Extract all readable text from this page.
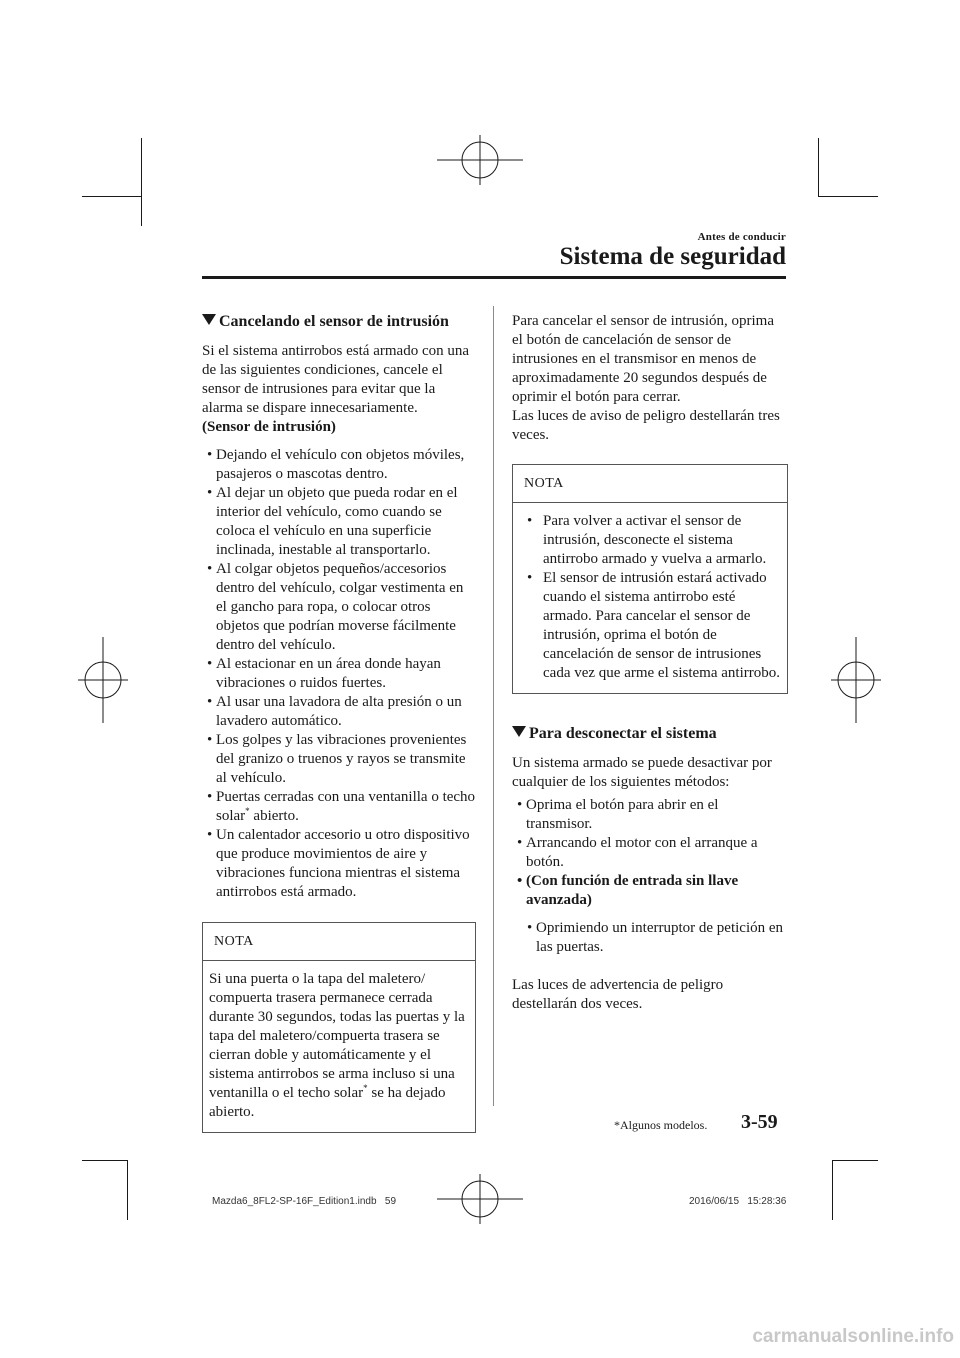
Antes de conducir
Sistema de seguridad
Cancelando el sensor de intrusión

Si el sistema antirrobos está armado con una de las siguientes condiciones, cancele el sensor de intrusiones para evitar que la alarma se dispare innecesariamente.

(Sensor de intrusión)

• Dejando el vehículo con objetos móviles, pasajeros o mascotas dentro.
• Al dejar un objeto que pueda rodar en el interior del vehículo, como cuando se coloca el vehículo en una superficie inclinada, inestable al transportarlo.
• Al colgar objetos pequeños/accesorios dentro del vehículo, colgar vestimenta en el gancho para ropa, o colocar otros objetos que podrían moverse fácilmente dentro del vehículo.
• Al estacionar en un área donde hayan vibraciones o ruidos fuertes.
• Al usar una lavadora de alta presión o un lavadero automático.
• Los golpes y las vibraciones provenientes del granizo o truenos y rayos se transmite al vehículo.
• Puertas cerradas con una ventanilla o techo solar* abierto.
• Un calentador accesorio u otro dispositivo que produce movimientos de aire y vibraciones funciona mientras el sistema antirrobos está armado.
NOTA
Si una puerta o la tapa del maletero/ compuerta trasera permanece cerrada durante 30 segundos, todas las puertas y la tapa del maletero/compuerta trasera se cierran doble y automáticamente y el sistema antirrobos se arma incluso si una ventanilla o el techo solar* se ha dejado abierto.

Para cancelar el sensor de intrusión, oprima el botón de cancelación de sensor de intrusiones en el transmisor en menos de aproximadamente 20 segundos después de oprimir el botón para cerrar.

Las luces de aviso de peligro destellarán tres veces.

NOTA
• Para volver a activar el sensor de intrusión, desconecte el sistema antirrobo armado y vuelva a armarlo.
• El sensor de intrusión estará activado cuando el sistema antirrobo esté armado. Para cancelar el sensor de intrusión, oprima el botón de cancelación de sensor de intrusiones cada vez que arme el sistema antirrobo.
Para desconectar el sistema

Un sistema armado se puede desactivar por cualquier de los siguientes métodos:

• Oprima el botón para abrir en el transmisor.
• Arrancando el motor con el arranque a botón.
• (Con función de entrada sin llave avanzada)
• Oprimiendo un interruptor de petición en las puertas.

Las luces de advertencia de peligro destellarán dos veces.

*Algunos modelos. 3-59
Mazda6_8FL2-SP-16F_Edition1.indb   59	2016/06/15   15:28:36
carmanualsonline.info
